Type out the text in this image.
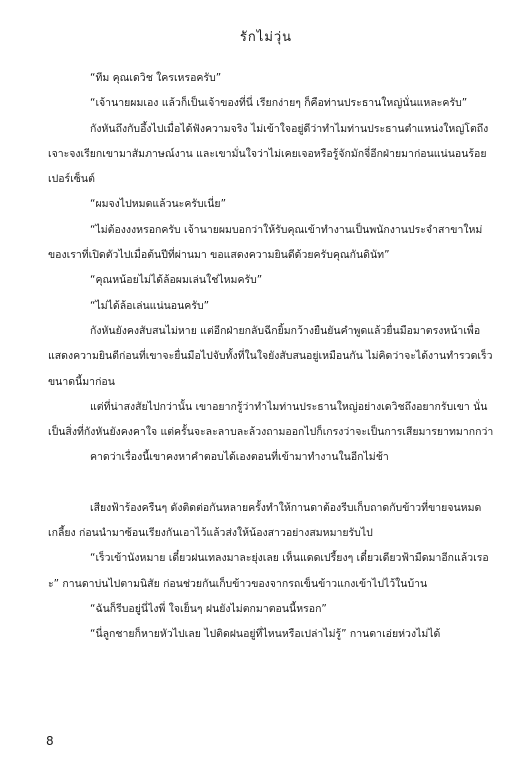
รักไม่วุ่น

“ทีม คุณเดวิช ใครเหรอครับ”

“เจ้านายผมเอง แล้วก็เป็นเจ้าของที่นี่ เรียกง่ายๆ ก็คือท่านประธานใหญ่นั่นแหละครับ”

กังหันถึงกับอึ้งไปเมื่อได้ฟังความจริง ไม่เข้าใจอยู่ดีว่าทำไมท่านประธานตำแหน่งใหญ่โตถึงเจาะจงเรียกเขามาสัมภาษณ์งาน และเขามั่นใจว่าไม่เคยเจอหรือรู้จักมักจี่อีกฝ่ายมาก่อนแน่นอนร้อยเปอร์เซ็นต์

“ผมจงไปหมดแล้วนะครับเนี่ย”

“ไม่ต้องงงหรอกครับ เจ้านายผมบอกว่าให้รับคุณเข้าทำงานเป็นพนักงานประจำสาขาใหม่ของเราที่เปิดตัวไปเมื่อต้นปีที่ผ่านมา ขอแสดงความยินดีด้วยครับคุณกันดินัท”

“คุณหน้อยไม่ได้ล้อผมเล่นใช่ไหมครับ”

“ไม่ได้ล้อเล่นแน่นอนครับ”

กังหันยังคงสับสนไม่หาย แต่อีกฝ่ายกลับฉีกยิ้มกว้างยืนยันคำพูดแล้วยื่นมือมาตรงหน้าเพื่อแสดงความยินดีก่อนที่เขาจะยื่นมือไปจับทั้งที่ในใจยังสับสนอยู่เหมือนกัน ไม่คิดว่าจะได้งานทำรวดเร็วขนาดนี้มาก่อน

แต่ที่น่าสงสัยไปกว่านั้น เขาอยากรู้ว่าทำไมท่านประธานใหญ่อย่างเดวิชถึงอยากรับเขา นั่นเป็นสิ่งที่กังหันยังคงคาใจ แต่ครั้นจะละลาบละล้วงถามออกไปก็เกรงว่าจะเป็นการเสียมารยาทมากกว่า

คาดว่าเรื่องนี้เขาคงหาคำตอบได้เองตอนที่เข้ามาทำงานในอีกไม่ช้า

เสียงฟ้าร้องครืนๆ ดังติดต่อกันหลายครั้งทำให้กานดาต้องรีบเก็บถาดกับข้าวที่ขายจนหมดเกลี้ยง ก่อนนำมาซ้อนเรียงกันเอาไว้แล้วส่งให้น้องสาวอย่างสมหมายรับไป

“เร็วเข้านังหมาย เดี๋ยวฝนเทลงมาละยุ่งเลย เห็นแดดเปรี้ยงๆ เดี๋ยวเดียวฟ้ามืดมาอีกแล้วเรอะ” กานดาบ่นไปตามนิสัย ก่อนช่วยกันเก็บข้าวของจากรถเข็นข้าวแกงเข้าไปไว้ในบ้าน

“ฉันก็รีบอยู่นี่ไงพี่ ใจเย็นๆ ฝนยังไม่ตกมาตอนนี้หรอก”

“นี่ลูกชายก็หายหัวไปเลย ไปติดฝนอยู่ที่ไหนหรือเปล่าไม่รู้” กานดาเอ่ยห่วงไม่ได้

8
